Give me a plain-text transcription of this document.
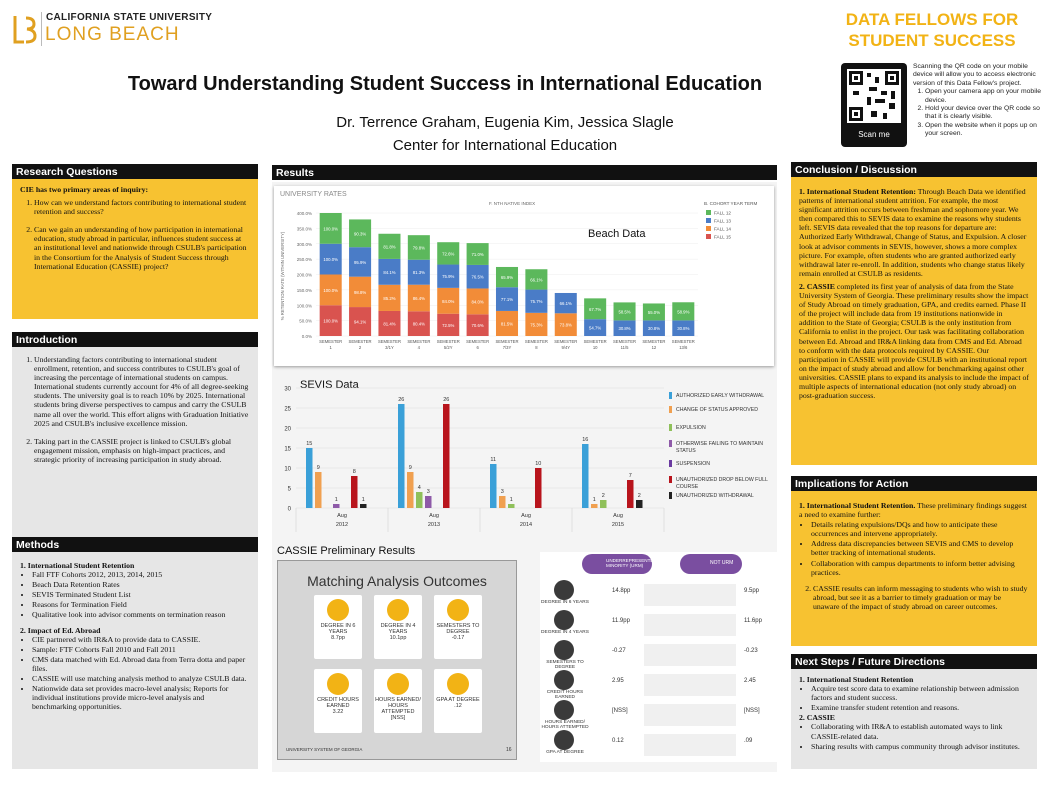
CALIFORNIA STATE UNIVERSITY
LONG BEACH
DATA FELLOWS FOR
STUDENT SUCCESS
Toward Understanding Student Success in International Education
Dr. Terrence Graham, Eugenia Kim, Jessica Slagle
Center for International Education
Scan me
Scanning the QR code on your mobile device will allow you to access electronic version of this Data Fellow's project.
1. Open your camera app on your mobile device.
2. Hold your device over the QR code so that it is clearly visible.
3. Open the website when it pops up on your screen.
Research Questions

CIE has two primary areas of inquiry:

1. How can we understand factors contributing to international student retention and success?
2. Can we gain an understanding of how participation in international education, study abroad in particular, influences student success at an institutional level and nationwide through CSULB's participation in the Consortium for the Analysis of Student Success through International Education (CASSIE) project?
Introduction
1. Understanding factors contributing to international student enrollment, retention, and success contributes to CSULB's goal of increasing the percentage of international students on campus. International students currently account for 4% of all degree-seeking students. The university goal is to reach 10% by 2025. International students bring diverse perspectives to campus and carry the CSULB name all over the world. This effort aligns with Graduation Initiative 2025 and CSULB's inclusive excellence mission.
2. Taking part in the CASSIE project is linked to CSULB's global engagement mission, emphasis on high-impact practices, and strategic priority of increasing participation in study abroad.
Methods
1. International Student Retention
• Fall FTF Cohorts 2012, 2013, 2014, 2015
• Beach Data Retention Rates
• SEVIS Terminated Student List
• Reasons for Termination Field
• Qualitative look into advisor comments on termination reason
2. Impact of Ed. Abroad
• CIE partnered with IR&A to provide data to CASSIE.
• Sample: FTF Cohorts Fall 2010 and Fall 2011
• CMS data matched with Ed. Abroad data from Terra dotta and paper files.
• CASSIE will use matching analysis method to analyze CSULB data.
• Nationwide data set provides macro-level analysis; Reports for individual institutions provide micro-level analysis and benchmarking opportunities.
Results
UNIVERSITY RATES
F. NTH NATIVE INDEX
0.0%
50.0%
100.0%
150.0%
200.0%
250.0%
300.0%
350.0%
400.0%
% RETENTION RATE (WITHIN UNIVERSITY)
100.0%
100.0%
100.0%
100.0%
SEMESTER
1
94.1%
98.8%
95.9%
90.3%
SEMESTER
2
81.4%
85.2%
84.1%
81.8%
SEMESTER
3/1Y
80.4%
86.4%
81.3%
79.8%
SEMESTER
4
72.5%
84.0%
75.9%
72.6%
SEMESTER
5/2Y
70.6%
84.0%
76.5%
71.0%
SEMESTER
6
81.5%
77.1%
65.9%
SEMESTER
7/3Y
75.3%
75.7%
66.1%
SEMESTER
8
73.8%
66.1%
SEMESTER
9/4Y
54.7%
67.7%
SEMESTER
10
30.8%
58.5%
SEMESTER
11/5
30.8%
55.0%
SEMESTER
12
30.8%
58.9%
SEMESTER
13/6
B. COHORT YEAR TERM
FALL 12
FALL 13
FALL 14
FALL 15
Beach Data
SEVIS Data
0
5
10
15
20
25
30
15
9
1
8
1
Aug
2012
26
9
4
3
26
Aug
2013
11
3
1
10
Aug
2014
16
1
2
7
2
Aug
2015
AUTHORIZED EARLY WITHDRAWAL
CHANGE OF STATUS APPROVED
EXPULSION
OTHERWISE FAILING TO MAINTAIN
STATUS
SUSPENSION
UNAUTHORIZED DROP BELOW FULL
COURSE
UNAUTHORIZED WITHDRAWAL
CASSIE Preliminary Results
Matching Analysis Outcomes
DEGREE IN 6 YEARS
8.7pp
DEGREE IN 4 YEARS
10.1pp
SEMESTERS TO DEGREE
-0.17
CREDIT HOURS EARNED
3.22
HOURS EARNED/ HOURS ATTEMPTED
[NSS]
GPA AT DEGREE
.12
UNIVERSITY SYSTEM OF GEORGIA	16
UNDERREPRESENTED MINORITY (URM)	NOT URM
DEGREE IN 6 YEARS
14.8pp	9.5pp
DEGREE IN 4 YEARS
11.9pp	11.6pp
SEMESTERS TO DEGREE
-0.27	-0.23
CREDIT HOURS EARNED
2.95	2.45
HOURS EARNED/ HOURS ATTEMPTED
[NSS]	[NSS]
GPA AT DEGREE
0.12	.09
Conclusion / Discussion

1. International Student Retention: Through Beach Data we identified patterns of international student attrition. For example, the most significant attrition occurs between freshman and sophomore year. We then compared this to SEVIS data to examine the reasons why students left. SEVIS data revealed that the top reasons for departure are: Authorized Early Withdrawal, Change of Status, and Expulsion. A closer look at advisor comments in SEVIS, however, shows a more complex picture. For example, often students who are granted authorized early withdrawal later re-enroll. In addition, students who change status likely remain enrolled at CSULB as residents.

2. CASSIE completed its first year of analysis of data from the State University System of Georgia. These preliminary results show the impact of Study Abroad on timely graduation, GPA, and credits earned. Phase II of the project will include data from 19 institutions nationwide in addition to the State of Georgia; CSULB is the only institution from California to enlist in the project. Our task was facilitating collaboration between Ed. Abroad and IR&A linking data from CMS and Ed. Abroad to conform with the data protocols required by CASSIE. Our participation in CASSIE will provide CSULB with an institutional report on the impact of study abroad and allow for benchmarking against other universities. CASSIE plans to expand its analysis to include the impact of multiple aspects of international education (not only study abroad) on post-graduation success.

Implications for Action

1. International Student Retention. These preliminary findings suggest a need to examine further:

• Details relating expulsions/DQs and how to anticipate these occurrences and intervene appropriately.
• Address data discrepancies between SEVIS and CMS to develop better tracking of international students.
• Collaboration with campus departments to inform better advising practices.
2. CASSIE results can inform messaging to students who wish to study abroad, but see it as a barrier to timely graduation or may be unaware of the impact of study abroad on career outcomes.
Next Steps / Future Directions
1. International Student Retention
• Acquire test score data to examine relationship between admission factors and student success.
• Examine transfer student retention and reasons.
2. CASSIE
• Collaborating with IR&A to establish automated ways to link CASSIE-related data.
• Sharing results with campus community through advisor institutes.
